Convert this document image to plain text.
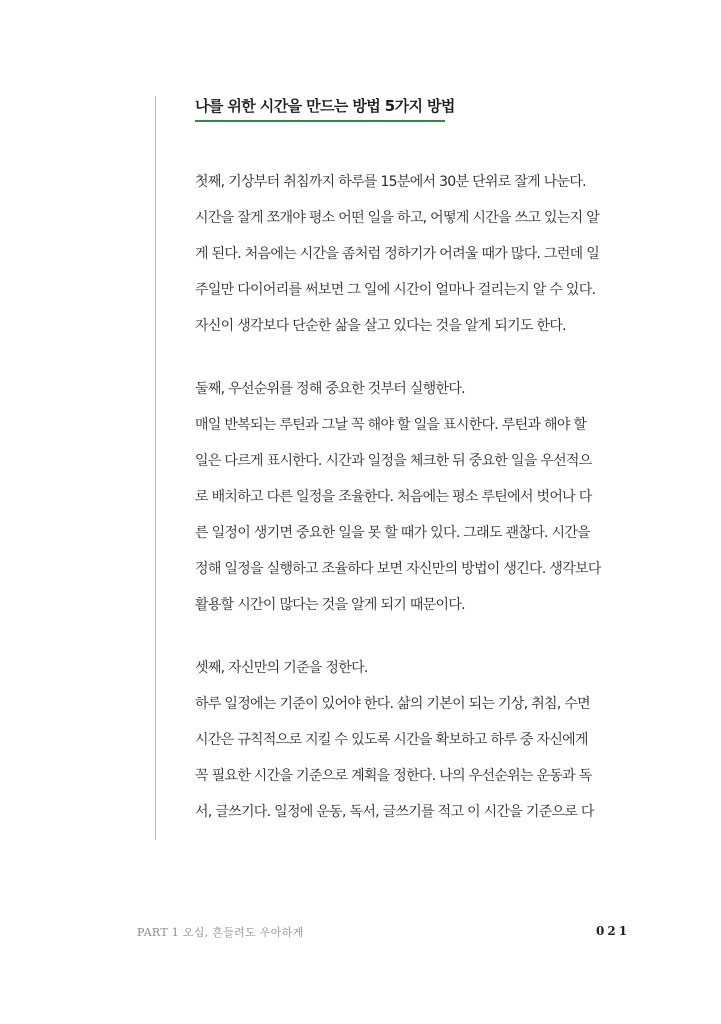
나를 위한 시간을 만드는 방법 5가지 방법
첫째, 기상부터 취침까지 하루를 15분에서 30분 단위로 잘게 나눈다.
시간을 잘게 쪼개야 평소 어떤 일을 하고, 어떻게 시간을 쓰고 있는지 알
게 된다. 처음에는 시간을 좀처럼 정하기가 어려울 때가 많다. 그런데 일
주일만 다이어리를 써보면 그 일에 시간이 얼마나 걸리는지 알 수 있다.
자신이 생각보다 단순한 삶을 살고 있다는 것을 알게 되기도 한다.
둘째, 우선순위를 정해 중요한 것부터 실행한다.
매일 반복되는 루틴과 그날 꼭 해야 할 일을 표시한다. 루틴과 해야 할
일은 다르게 표시한다. 시간과 일정을 체크한 뒤 중요한 일을 우선적으
로 배치하고 다른 일정을 조율한다. 처음에는 평소 루틴에서 벗어나 다
른 일정이 생기면 중요한 일을 못 할 때가 있다. 그래도 괜찮다. 시간을
정해 일정을 실행하고 조율하다 보면 자신만의 방법이 생긴다. 생각보다
활용할 시간이 많다는 것을 알게 되기 때문이다.
셋째, 자신만의 기준을 정한다.
하루 일정에는 기준이 있어야 한다. 삶의 기본이 되는 기상, 취침, 수면
시간은 규칙적으로 지킬 수 있도록 시간을 확보하고 하루 중 자신에게
꼭 필요한 시간을 기준으로 계획을 정한다. 나의 우선순위는 운동과 독
서, 글쓰기다. 일정에 운동, 독서, 글쓰기를 적고 이 시간을 기준으로 다
PART 1 오십, 흔들려도 우아하게	021
